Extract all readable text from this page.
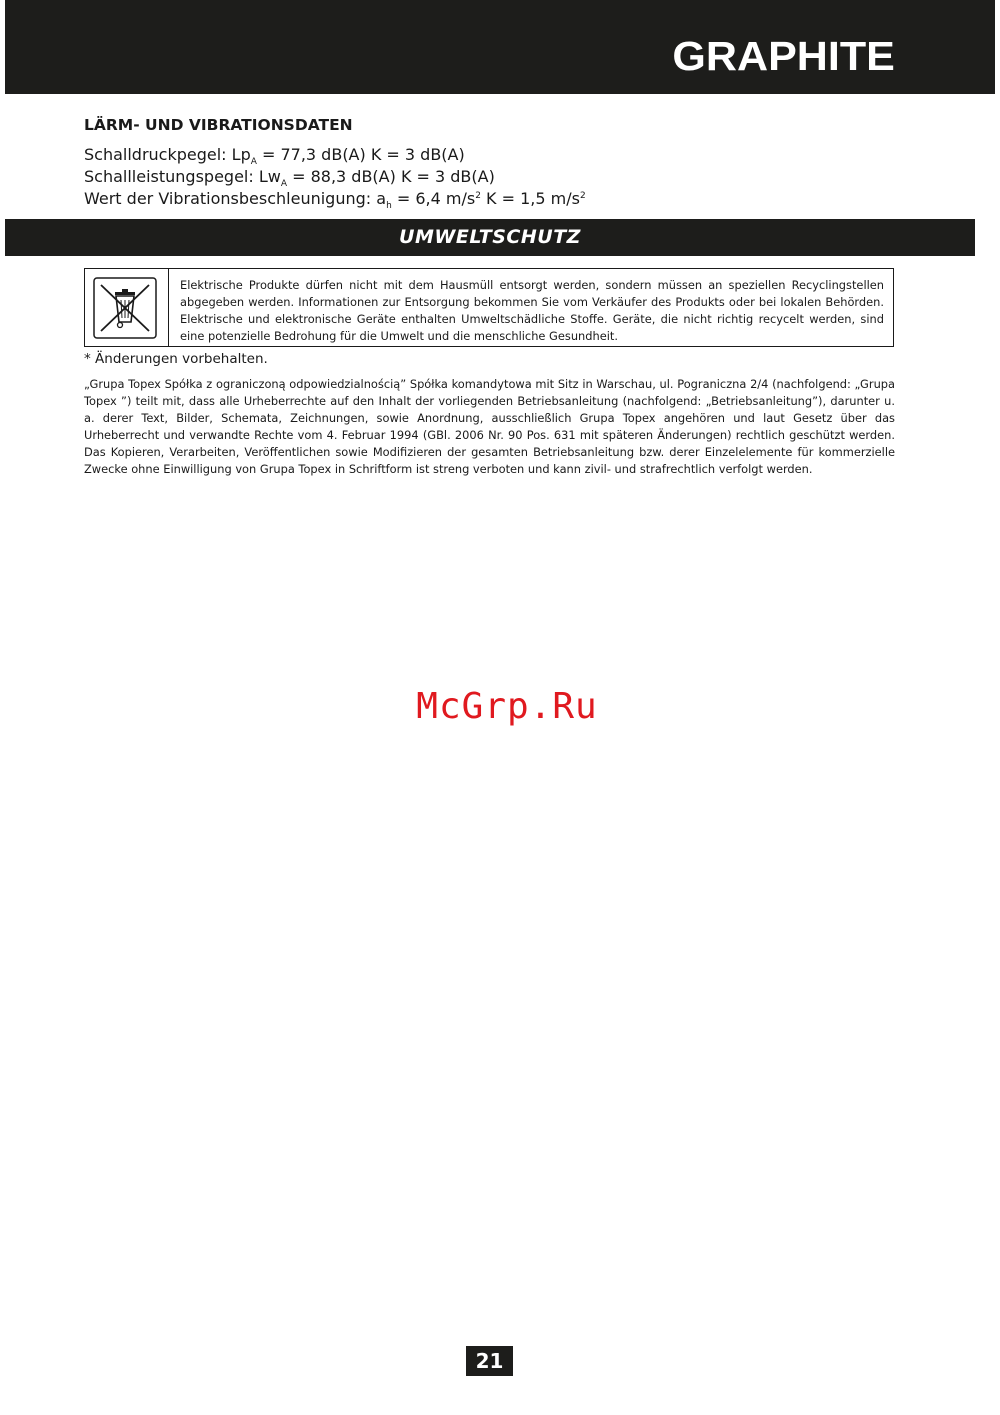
GRAPHITE
LÄRM- UND VIBRATIONSDATEN
Schalldruckpegel: $Lp_A = 77,3$ dB(A) K = 3 dB(A)
Schallleistungspegel: $Lw_A = 88,3$ dB(A) K = 3 dB(A)
Wert der Vibrationsbeschleunigung: $a_h = 6,4$ $m/s^2$ K = 1,5 $m/s^2$
UMWELTSCHUTZ
Elektrische Produkte dürfen nicht mit dem Hausmüll entsorgt werden, sondern müssen an speziellen Recyclingstellen abgegeben werden. Informationen zur Entsorgung bekommen Sie vom Verkäufer des Produkts oder bei lokalen Behörden. Elektrische und elektronische Geräte enthalten Umweltschädliche Stoffe. Geräte, die nicht richtig recycelt werden, sind eine potenzielle Bedrohung für die Umwelt und die menschliche Gesundheit.
* Änderungen vorbehalten.
„Grupa Topex Spółka z ograniczoną odpowiedzialnością” Spółka komandytowa mit Sitz in Warschau, ul. Pograniczna 2/4 (nachfolgend: „Grupa Topex ”) teilt mit, dass alle Urheberrechte auf den Inhalt der vorliegenden Betriebsanleitung (nachfolgend: „Betriebsanleitung”), darunter u. a. derer Text, Bilder, Schemata, Zeichnungen, sowie Anordnung, ausschließlich Grupa Topex angehören und laut Gesetz über das Urheberrecht und verwandte Rechte vom 4. Februar 1994 (GBl. 2006 Nr. 90 Pos. 631 mit späteren Änderungen) rechtlich geschützt werden. Das Kopieren, Verarbeiten, Veröffentlichen sowie Modifizieren der gesamten Betriebsanleitung bzw. derer Einzelelemente für kommerzielle Zwecke ohne Einwilligung von Grupa Topex in Schriftform ist streng verboten und kann zivil- und strafrechtlich verfolgt werden.
McGrp.Ru
21
